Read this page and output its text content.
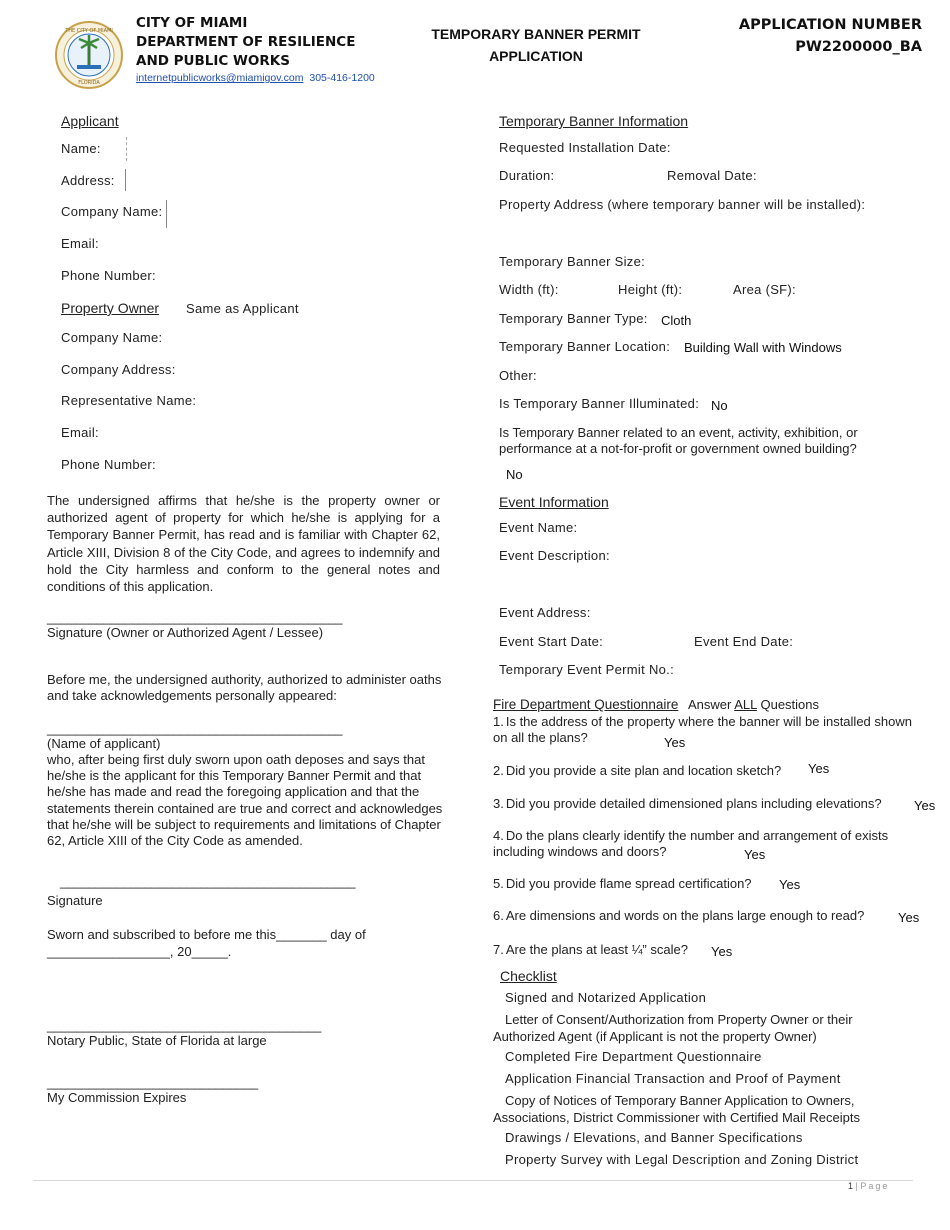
THE CITY OF MIAMI
FLORIDA
CITY OF MIAMI
DEPARTMENT OF RESILIENCE
AND PUBLIC WORKS
internetpublicworks@miamigov.com 305-416-1200
TEMPORARY BANNER PERMIT
APPLICATION
APPLICATION NUMBER
PW2200000_BA
Applicant
Name:
Address:
Company Name:
Email:
Phone Number:
Property Owner Same as Applicant
Company Name:
Company Address:
Representative Name:
Email:
Phone Number:
The undersigned affirms that he/she is the property owner or authorized agent of property for which he/she is applying for a Temporary Banner Permit, has read and is familiar with Chapter 62, Article XIII, Division 8 of the City Code, and agrees to indemnify and hold the City harmless and conform to the general notes and conditions of this application.
__________________________________________
Signature (Owner or Authorized Agent / Lessee)
Before me, the undersigned authority, authorized to administer oaths and take acknowledgements personally appeared:
__________________________________________
(Name of applicant)
who, after being first duly sworn upon oath deposes and says that he/she is the applicant for this Temporary Banner Permit and that he/she has made and read the foregoing application and that the statements therein contained are true and correct and acknowledges that he/she will be subject to requirements and limitations of Chapter 62, Article XIII of the City Code as amended.
__________________________________________
Signature
Sworn and subscribed to before me this_______ day of
_________________, 20_____.
_______________________________________
Notary Public, State of Florida at large
______________________________
My Commission Expires
Temporary Banner Information
Requested Installation Date:
Duration:	Removal Date:
Property Address (where temporary banner will be installed):
Temporary Banner Size:
Width (ft):	Height (ft):	Area (SF):
Temporary Banner Type: Cloth
Temporary Banner Location: Building Wall with Windows
Other:
Is Temporary Banner Illuminated: No
Is Temporary Banner related to an event, activity, exhibition, or performance at a not-for-profit or government owned building?
No
Event Information
Event Name:
Event Description:
Event Address:
Event Start Date:	Event End Date:
Temporary Event Permit No.:
Fire Department Questionnaire Answer ALL Questions
1. Is the address of the property where the banner will be installed shown on all the plans?	Yes
2. Did you provide a site plan and location sketch? Yes
3. Did you provide detailed dimensioned plans including elevations? Yes
4. Do the plans clearly identify the number and arrangement of exists including windows and doors?	Yes
5. Did you provide flame spread certification? Yes
6. Are dimensions and words on the plans large enough to read?	Yes
7. Are the plans at least ¼” scale? Yes
Checklist
Signed and Notarized Application
Letter of Consent/Authorization from Property Owner or their Authorized Agent (if Applicant is not the property Owner)
Completed Fire Department Questionnaire
Application Financial Transaction and Proof of Payment
Copy of Notices of Temporary Banner Application to Owners, Associations, District Commissioner with Certified Mail Receipts
Drawings / Elevations, and Banner Specifications
Property Survey with Legal Description and Zoning District
1 | Page
